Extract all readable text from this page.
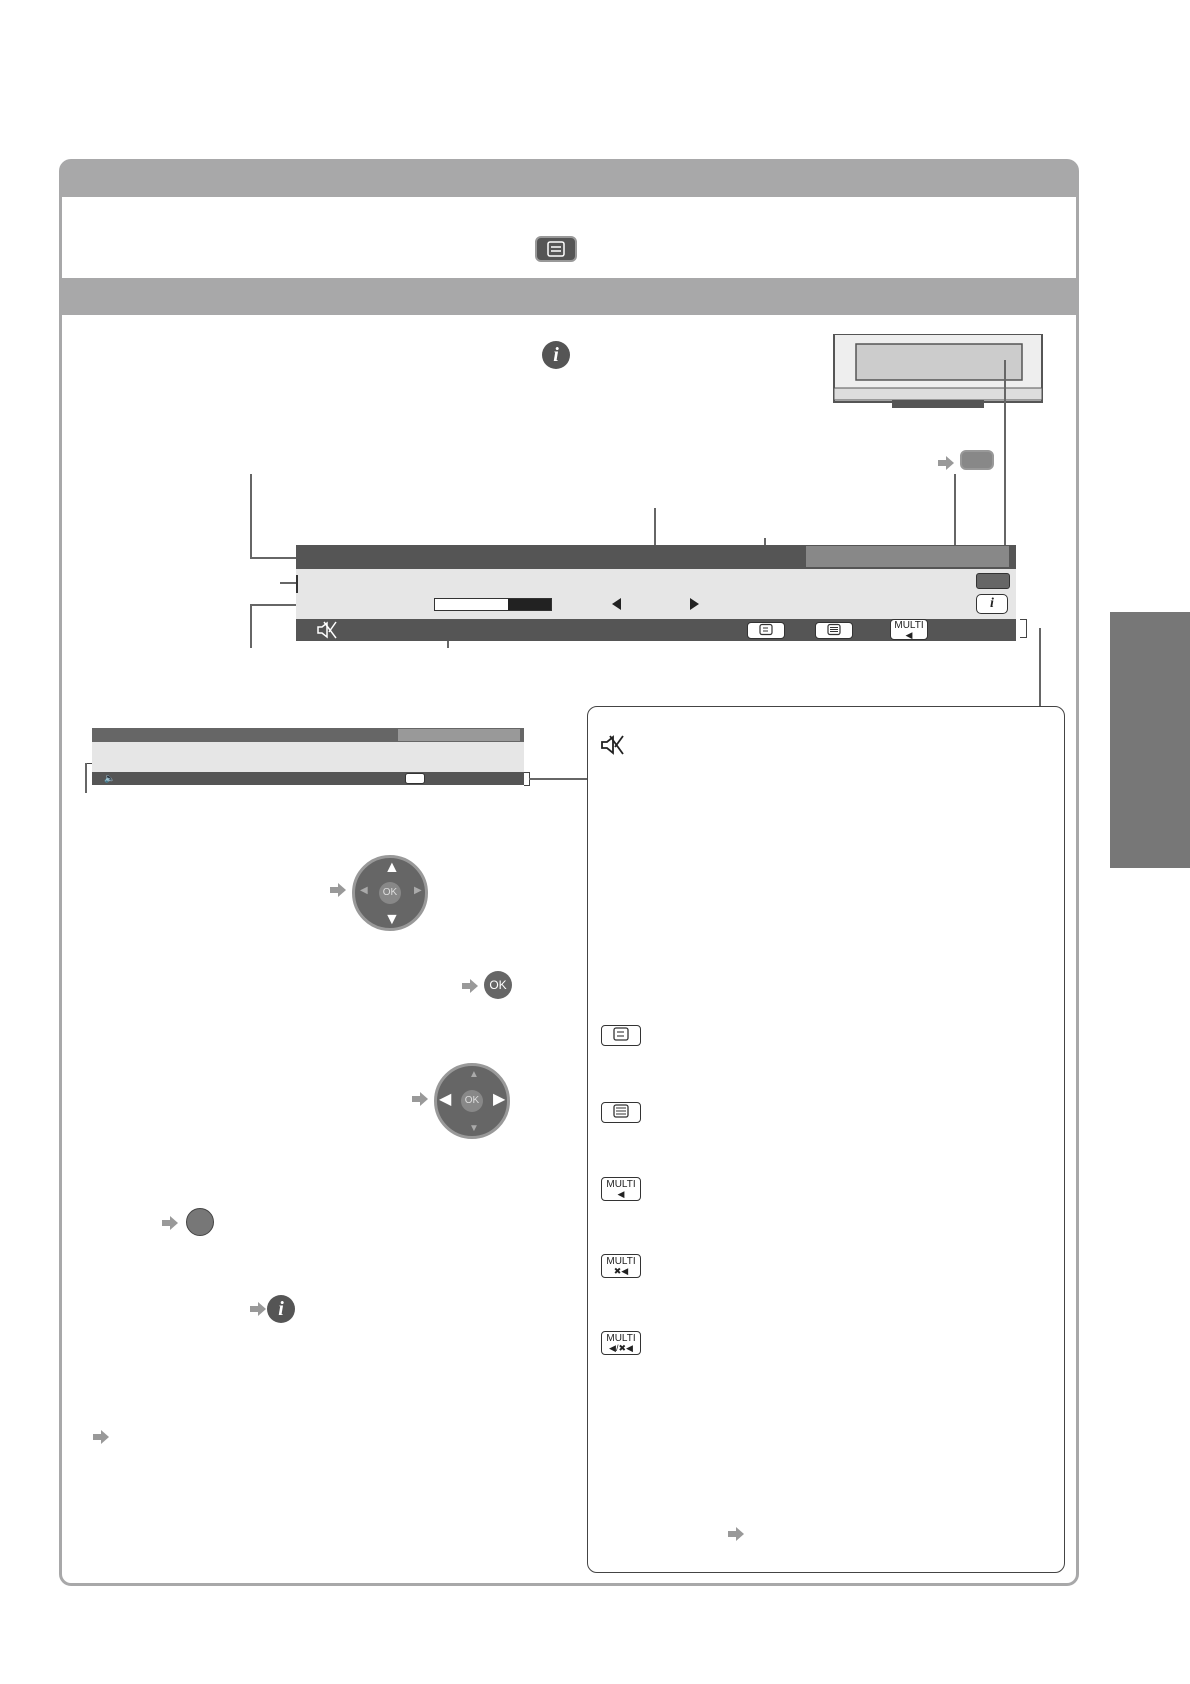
i
i
MULTI
◀
🔈
MULTI
◀
MULTI
✖◀
MULTI
◀/✖◀
OK
▲
▼
◀	▶
OK
OK
▲
▼
◀	▶
i
